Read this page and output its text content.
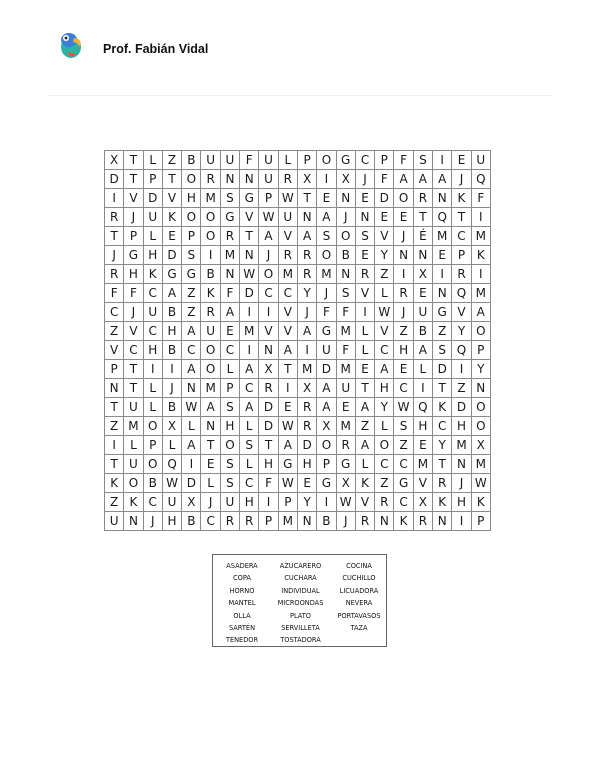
Prof. Fabián Vidal
X	T	L	Z	B	U	U	F	U	L	P	O	G	C	P	F	S	I	E	U
D	T	P	T	O	R	N	N	U	R	X	I	X	J	F	A	A	A	J	Q
I	V	D	V	H	M	S	G	P	W	T	E	N	E	D	O	R	N	K	F
R	J	U	K	O	O	G	V	W	U	N	A	J	N	E	E	T	Q	T	I
T	P	L	E	P	O	R	T	A	V	A	S	O	S	V	J	É	M	C	M
J	G	H	D	S	I	M	N	J	R	R	O	B	E	Y	N	N	E	P	K
R	H	K	G	G	B	N	W	O	M	R	M	N	R	Z	I	X	I	R	I
F	F	C	A	Z	K	F	D	C	C	Y	J	S	V	L	R	E	N	Q	M
C	J	U	B	Z	R	A	I	I	V	J	F	F	I	W	J	U	G	V	A
Z	V	C	H	A	U	E	M	V	V	A	G	M	L	V	Z	B	Z	Y	O
V	C	H	B	C	O	C	I	N	A	I	U	F	L	C	H	A	S	Q	P
P	T	I	I	A	O	L	A	X	T	M	D	M	E	A	E	L	D	I	Y
N	T	L	J	N	M	P	C	R	I	X	A	U	T	H	C	I	T	Z	N
T	U	L	B	W	A	S	A	D	E	R	A	E	A	Y	W	Q	K	D	O
Z	M	O	X	L	N	H	L	D	W	R	X	M	Z	L	S	H	C	H	O
I	L	P	L	A	T	O	S	T	A	D	O	R	A	O	Z	E	Y	M	X
T	U	O	Q	I	E	S	L	H	G	H	P	G	L	C	C	M	T	N	M
K	O	B	W	D	L	S	C	F	W	E	G	X	K	Z	G	V	R	J	W
Z	K	C	U	X	J	U	H	I	P	Y	I	W	V	R	C	X	K	H	K
U	N	J	H	B	C	R	R	P	M	N	B	J	R	N	K	R	N	I	P
ASADERA	AZUCARERO	COCINA
COPA	CUCHARA	CUCHILLO
HORNO	INDIVIDUAL	LICUADORA
MANTEL	MICROONDAS	NEVERA
OLLA	PLATO	PORTAVASOS
SARTÉN	SERVILLETA	TAZA
TENEDOR	TOSTADORA
